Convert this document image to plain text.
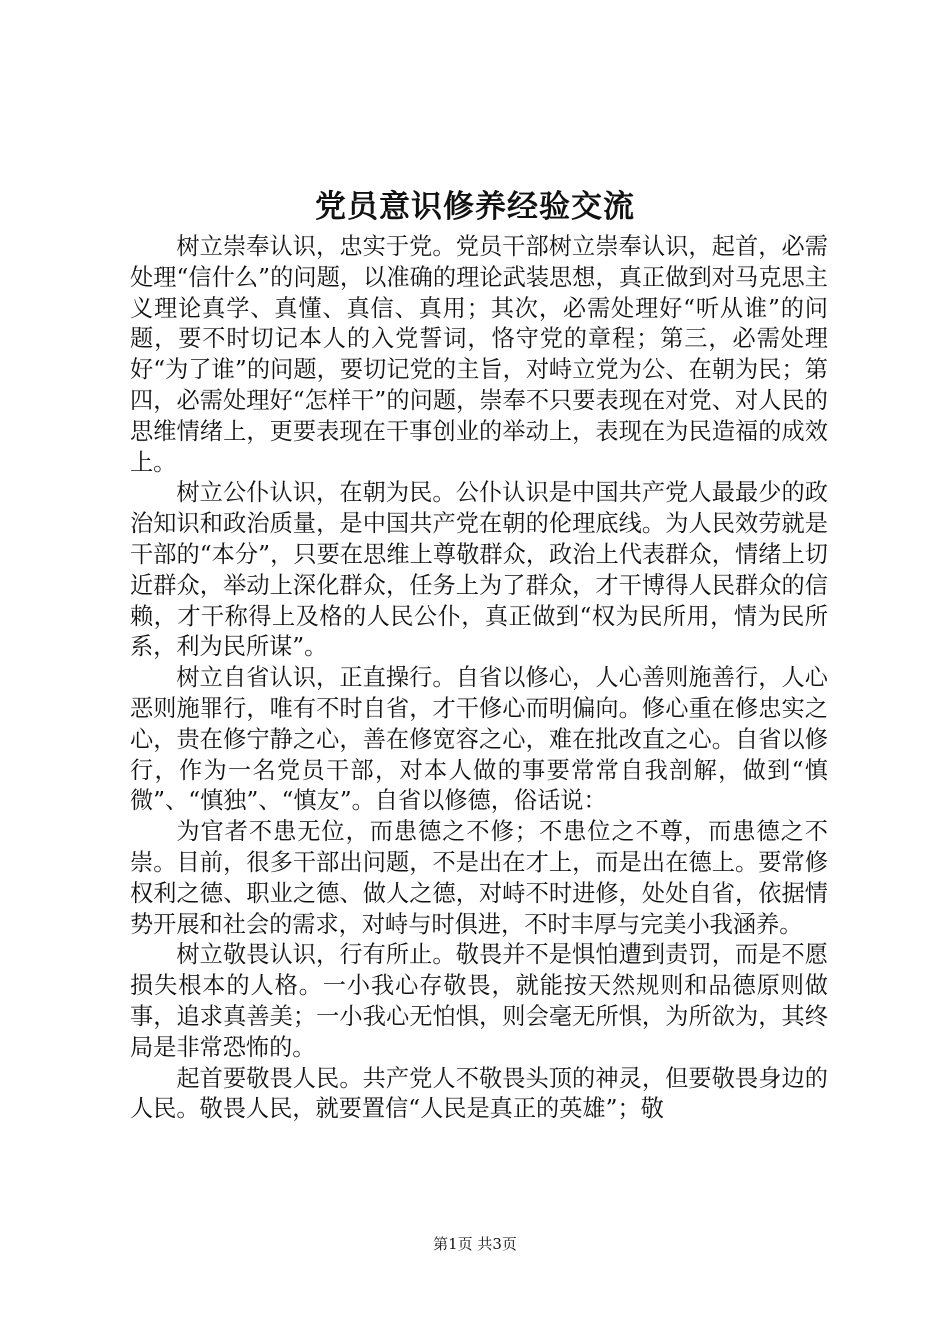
党员意识修养经验交流

树立崇奉认识，忠实于党。党员干部树立崇奉认识，起首，必需处理“信什么”的问题，以准确的理论武装思想，真正做到对马克思主义理论真学、真懂、真信、真用；其次，必需处理好“听从谁”的问题，要不时切记本人的入党誓词，恪守党的章程；第三，必需处理好“为了谁”的问题，要切记党的主旨，对峙立党为公、在朝为民；第四，必需处理好“怎样干”的问题，崇奉不只要表现在对党、对人民的思维情绪上，更要表现在干事创业的举动上，表现在为民造福的成效上。

树立公仆认识，在朝为民。公仆认识是中国共产党人最最少的政治知识和政治质量，是中国共产党在朝的伦理底线。为人民效劳就是干部的“本分”，只要在思维上尊敬群众，政治上代表群众，情绪上切近群众，举动上深化群众，任务上为了群众，才干博得人民群众的信赖，才干称得上及格的人民公仆，真正做到“权为民所用，情为民所系，利为民所谋”。

树立自省认识，正直操行。自省以修心，人心善则施善行，人心恶则施罪行，唯有不时自省，才干修心而明偏向。修心重在修忠实之心，贵在修宁静之心，善在修宽容之心，难在批改直之心。自省以修行，作为一名党员干部，对本人做的事要常常自我剖解，做到“慎微”、“慎独”、“慎友”。自省以修德，俗话说：

为官者不患无位，而患德之不修；不患位之不尊，而患德之不崇。目前，很多干部出问题，不是出在才上，而是出在德上。要常修权利之德、职业之德、做人之德，对峙不时进修，处处自省，依据情势开展和社会的需求，对峙与时俱进，不时丰厚与完美小我涵养。

树立敬畏认识，行有所止。敬畏并不是惧怕遭到责罚，而是不愿损失根本的人格。一小我心存敬畏，就能按天然规则和品德原则做事，追求真善美；一小我心无怕惧，则会毫无所惧，为所欲为，其终局是非常恐怖的。

起首要敬畏人民。共产党人不敬畏头顶的神灵，但要敬畏身边的人民。敬畏人民，就要置信“人民是真正的英雄”；敬

第1页 共3页
